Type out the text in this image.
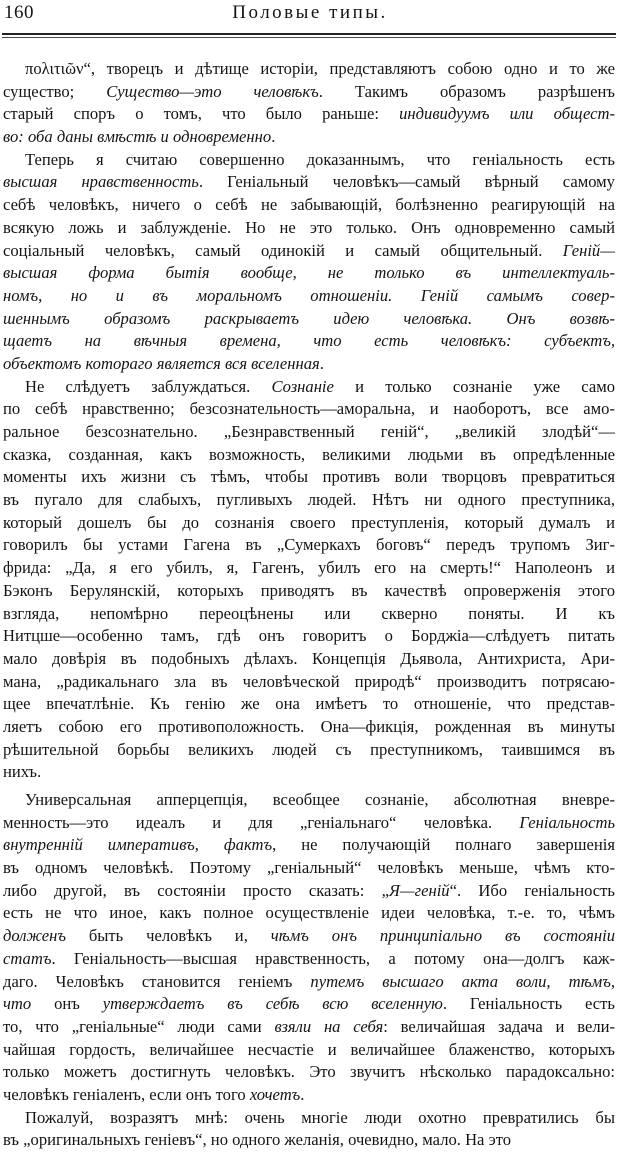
160	Половые типы.
πολιτιῶν“, творецъ и дѣтище исторіи, представляютъ собою одно и то же
существо; Существо—это человѣкъ. Такимъ образомъ разрѣшенъ
старый споръ о томъ, что было раньше: индивидуумъ или общест-
во: оба даны вмѣстѣ и одновременно.
Теперь я считаю совершенно доказаннымъ, что геніальность есть
высшая нравственность. Геніальный человѣкъ—самый вѣрный самому
себѣ человѣкъ, ничего о себѣ не забывающій, болѣзненно реагирующій на
всякую ложь и заблужденіе. Но не это только. Онъ одновременно самый
соціальный человѣкъ, самый одинокій и самый общительный. Геній—
высшая форма бытія вообще, не только въ интеллектуаль-
номъ, но и въ моральномъ отношеніи. Геній самымъ совер-
шеннымъ образомъ раскрываетъ идею человѣка. Онъ возвѣ-
щаетъ на вѣчныя времена, что есть человѣкъ: субъектъ,
объектомъ котораго является вся вселенная.
Не слѣдуетъ заблуждаться. Сознаніе и только сознаніе уже само
по себѣ нравственно; безсознательность—аморальна, и наоборотъ, все амо-
ральное безсознательно. „Безнравственный геній“, „великій злодѣй“—
сказка, созданная, какъ возможность, великими людьми въ опредѣленные
моменты ихъ жизни съ тѣмъ, чтобы противъ воли творцовъ превратиться
въ пугало для слабыхъ, пугливыхъ людей. Нѣтъ ни одного преступника,
который дошелъ бы до сознанія своего преступленія, который думалъ и
говорилъ бы устами Гагена въ „Сумеркахъ боговъ“ передъ трупомъ Зиг-
фрида: „Да, я его убилъ, я, Гагенъ, убилъ его на смерть!“ Наполеонъ и
Бэконъ Берулянскій, которыхъ приводятъ въ качествѣ опроверженія этого
взгляда, непомѣрно переоцѣнены или скверно поняты. И къ
Нитцше—особенно тамъ, гдѣ онъ говоритъ о Борджіа—слѣдуетъ питать
мало довѣрія въ подобныхъ дѣлахъ. Концепція Дьявола, Антихриста, Ари-
мана, „радикальнаго зла въ человѣческой природѣ“ производитъ потрясаю-
щее впечатлѣніе. Къ генію же она имѣетъ то отношеніе, что представ-
ляетъ собою его противоположность. Она—фикція, рожденная въ минуты
рѣшительной борьбы великихъ людей съ преступникомъ, таившимся въ
нихъ.
Универсальная апперцепція, всеобщее сознаніе, абсолютная вневре-
менность—это идеалъ и для „геніальнаго“ человѣка. Геніальность
внутренній императивъ, фактъ, не получающій полнаго завершенія
въ одномъ человѣкѣ. Поэтому „геніальный“ человѣкъ меньше, чѣмъ кто-
либо другой, въ состояніи просто сказать: „Я—геній“. Ибо геніальность
есть не что иное, какъ полное осуществленіе идеи человѣка, т.-е. то, чѣмъ
долженъ быть человѣкъ и, чѣмъ онъ принципіально въ состояніи
статъ. Геніальность—высшая нравственность, а потому она—долгъ каж-
даго. Человѣкъ становится геніемъ путемъ высшаго акта воли, тѣмъ,
что онъ утверждаетъ въ себѣ всю вселенную. Геніальность есть
то, что „геніальные“ люди сами взяли на себя: величайшая задача и вели-
чайшая гордость, величайшее несчастіе и величайшее блаженство, которыхъ
только можетъ достигнуть человѣкъ. Это звучитъ нѣсколько парадоксально:
человѣкъ геніаленъ, если онъ того хочетъ.
Пожалуй, возразятъ мнѣ: очень многіе люди охотно превратились бы
въ „оригинальныхъ геніевъ“, но одного желанія, очевидно, мало. На это
